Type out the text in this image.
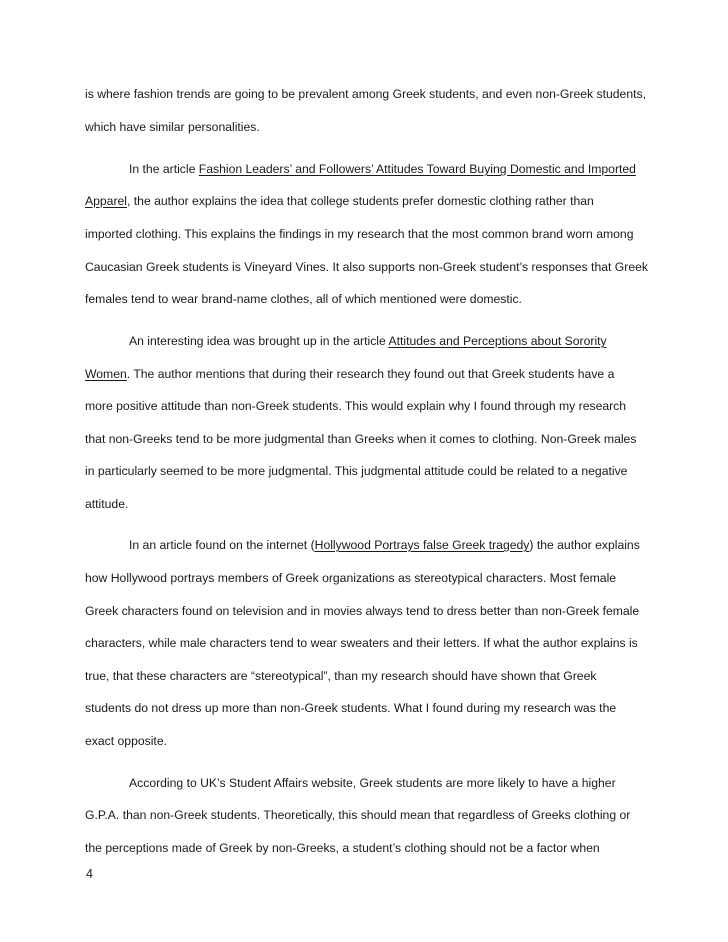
is where fashion trends are going to be prevalent among Greek students, and even non-Greek students,
which have similar personalities.
In the article Fashion Leaders’ and Followers’ Attitudes Toward Buying Domestic and Imported
Apparel, the author explains the idea that college students prefer domestic clothing rather than
imported clothing. This explains the findings in my research that the most common brand worn among
Caucasian Greek students is Vineyard Vines. It also supports non-Greek student’s responses that Greek
females tend to wear brand-name clothes, all of which mentioned were domestic.
An interesting idea was brought up in the article Attitudes and Perceptions about Sorority
Women. The author mentions that during their research they found out that Greek students have a
more positive attitude than non-Greek students. This would explain why I found through my research
that non-Greeks tend to be more judgmental than Greeks when it comes to clothing. Non-Greek males
in particularly seemed to be more judgmental. This judgmental attitude could be related to a negative
attitude.
In an article found on the internet (Hollywood Portrays false Greek tragedy) the author explains
how Hollywood portrays members of Greek organizations as stereotypical characters. Most female
Greek characters found on television and in movies always tend to dress better than non-Greek female
characters, while male characters tend to wear sweaters and their letters. If what the author explains is
true, that these characters are “stereotypical”, than my research should have shown that Greek
students do not dress up more than non-Greek students. What I found during my research was the
exact opposite.
According to UK’s Student Affairs website, Greek students are more likely to have a higher
G.P.A. than non-Greek students. Theoretically, this should mean that regardless of Greeks clothing or
the perceptions made of Greek by non-Greeks, a student’s clothing should not be a factor when
4
